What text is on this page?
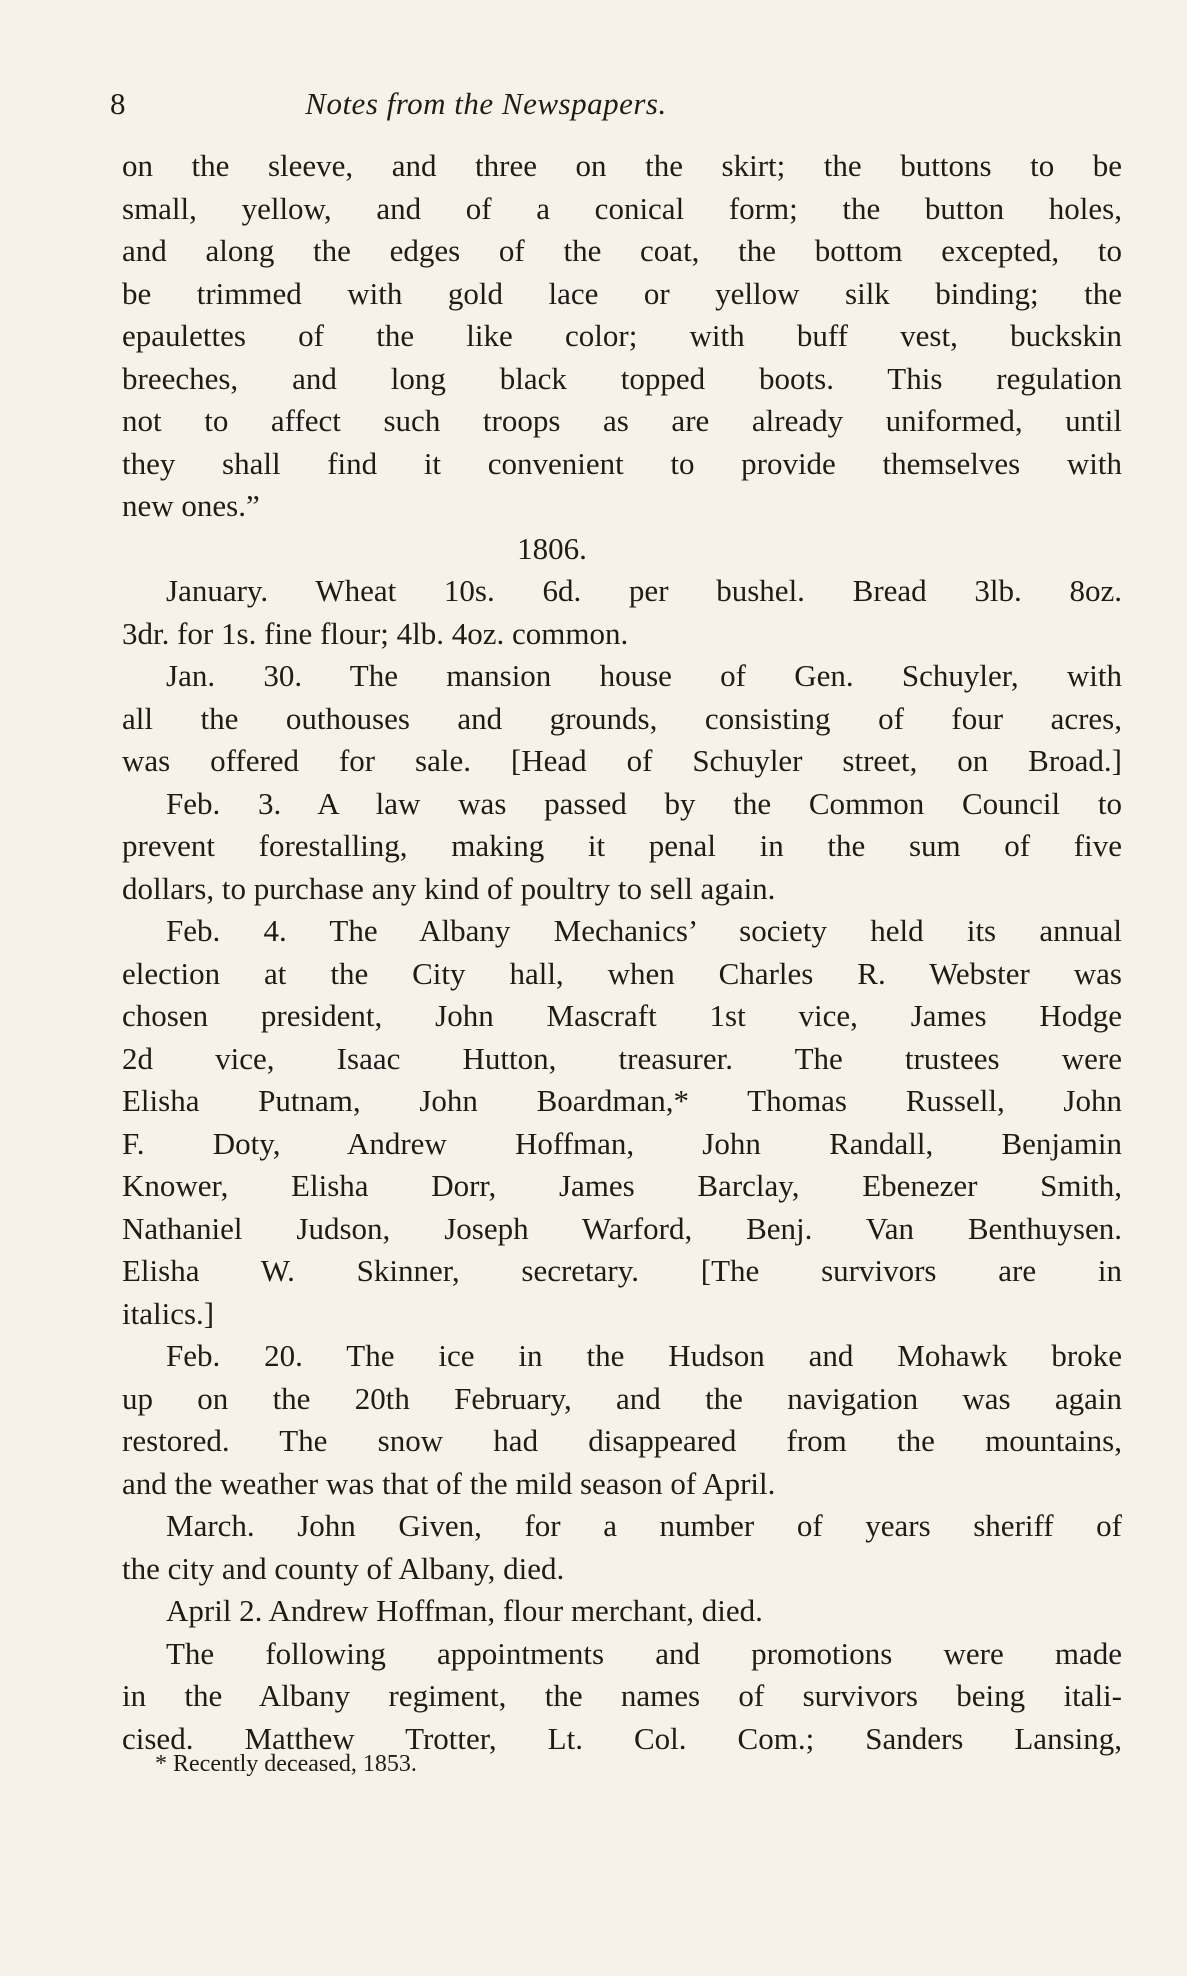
8	Notes from the Newspapers.
on the sleeve, and three on the skirt; the buttons to be
small, yellow, and of a conical form; the button holes,
and along the edges of the coat, the bottom excepted, to
be trimmed with gold lace or yellow silk binding; the
epaulettes of the like color; with buff vest, buckskin
breeches, and long black topped boots. This regulation
not to affect such troops as are already uniformed, until
they shall find it convenient to provide themselves with
new ones.”
1806.
January. Wheat 10s. 6d. per bushel. Bread 3lb. 8oz.
3dr. for 1s. fine flour; 4lb. 4oz. common.
Jan. 30. The mansion house of Gen. Schuyler, with
all the outhouses and grounds, consisting of four acres,
was offered for sale. [Head of Schuyler street, on Broad.]
Feb. 3. A law was passed by the Common Council to
prevent forestalling, making it penal in the sum of five
dollars, to purchase any kind of poultry to sell again.
Feb. 4. The Albany Mechanics’ society held its annual
election at the City hall, when Charles R. Webster was
chosen president, John Mascraft 1st vice, James Hodge
2d vice, Isaac Hutton, treasurer. The trustees were
Elisha Putnam, John Boardman,* Thomas Russell, John
F. Doty, Andrew Hoffman, John Randall, Benjamin
Knower, Elisha Dorr, James Barclay, Ebenezer Smith,
Nathaniel Judson, Joseph Warford, Benj. Van Benthuysen.
Elisha W. Skinner, secretary. [The survivors are in
italics.]
Feb. 20. The ice in the Hudson and Mohawk broke
up on the 20th February, and the navigation was again
restored. The snow had disappeared from the mountains,
and the weather was that of the mild season of April.
March. John Given, for a number of years sheriff of
the city and county of Albany, died.
April 2. Andrew Hoffman, flour merchant, died.
The following appointments and promotions were made
in the Albany regiment, the names of survivors being itali-
cised. Matthew Trotter, Lt. Col. Com.; Sanders Lansing,
* Recently deceased, 1853.
